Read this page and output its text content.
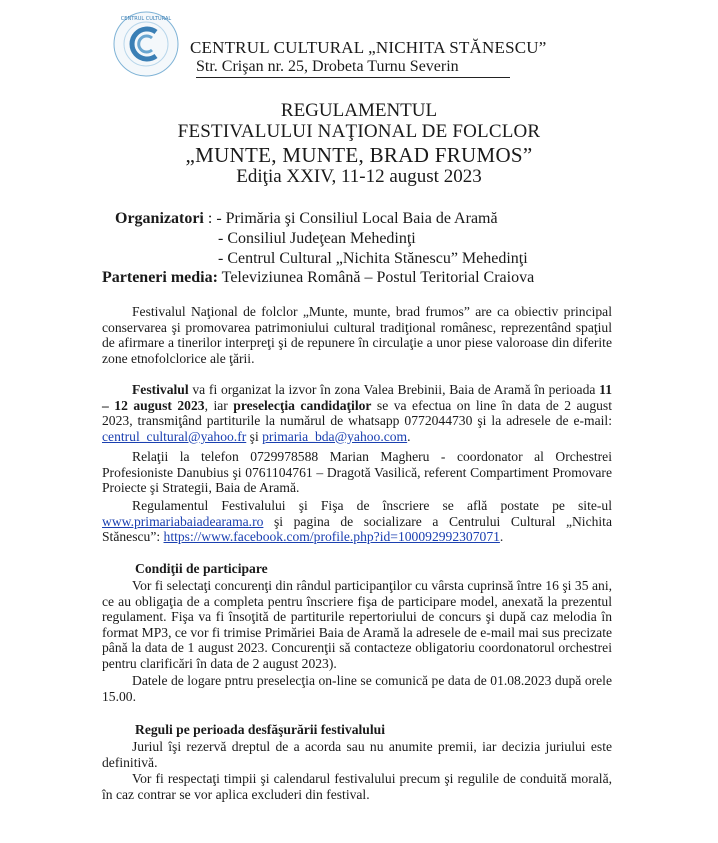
CENTRUL CULTURAL
CENTRUL CULTURAL „NICHITA STĂNESCU”
Str. Crişan nr. 25, Drobeta Turnu Severin
REGULAMENTUL
FESTIVALULUI NAŢIONAL DE FOLCLOR
„MUNTE, MUNTE, BRAD FRUMOS”
Ediţia XXIV, 11-12 august 2023
Organizatori : - Primăria şi Consiliul Local Baia de Aramă
- Consiliul Judeţean Mehedinţi
- Centrul Cultural „Nichita Stănescu” Mehedinţi
Parteneri media: Televiziunea Română – Postul Teritorial Craiova
Festivalul Naţional de folclor „Munte, munte, brad frumos” are ca obiectiv principal conservarea şi promovarea patrimoniului cultural tradiţional românesc, reprezentând spaţiul de afirmare a tinerilor interpreţi şi de repunere în circulaţie a unor piese valoroase din diferite zone etnofolclorice ale ţării.
Festivalul va fi organizat la izvor în zona Valea Brebinii, Baia de Aramă în perioada 11 – 12 august 2023, iar preselecţia candidaţilor se va efectua on line în data de 2 august 2023, transmiţând partiturile la numărul de whatsapp 0772044730 şi la adresele de e-mail: centrul_cultural@yahoo.fr şi primaria_bda@yahoo.com.
Relaţii la telefon 0729978588 Marian Magheru - coordonator al Orchestrei Profesioniste Danubius şi 0761104761 – Dragotă Vasilică, referent Compartiment Promovare Proiecte şi Strategii, Baia de Aramă.
Regulamentul Festivalului şi Fişa de înscriere se află postate pe site-ul www.primariabaiadearama.ro şi pagina de socializare a Centrului Cultural „Nichita Stănescu”: https://www.facebook.com/profile.php?id=100092992307071.
Condiţii de participare
Vor fi selectaţi concurenţi din rândul participanţilor cu vârsta cuprinsă între 16 şi 35 ani, ce au obligaţia de a completa pentru înscriere fişa de participare model, anexată la prezentul regulament. Fişa va fi însoţită de partiturile repertoriului de concurs şi după caz melodia în format MP3, ce vor fi trimise Primăriei Baia de Aramă la adresele de e-mail mai sus precizate până la data de 1 august 2023. Concurenţii să contacteze obligatoriu coordonatorul orchestrei pentru clarificări în data de 2 august 2023).
Datele de logare pntru preselecţia on-line se comunică pe data de 01.08.2023 după orele 15.00.
Reguli pe perioada desfăşurării festivalului
Juriul îşi rezervă dreptul de a acorda sau nu anumite premii, iar decizia juriului este definitivă.
Vor fi respectaţi timpii şi calendarul festivalului precum şi regulile de conduită morală, în caz contrar se vor aplica excluderi din festival.
